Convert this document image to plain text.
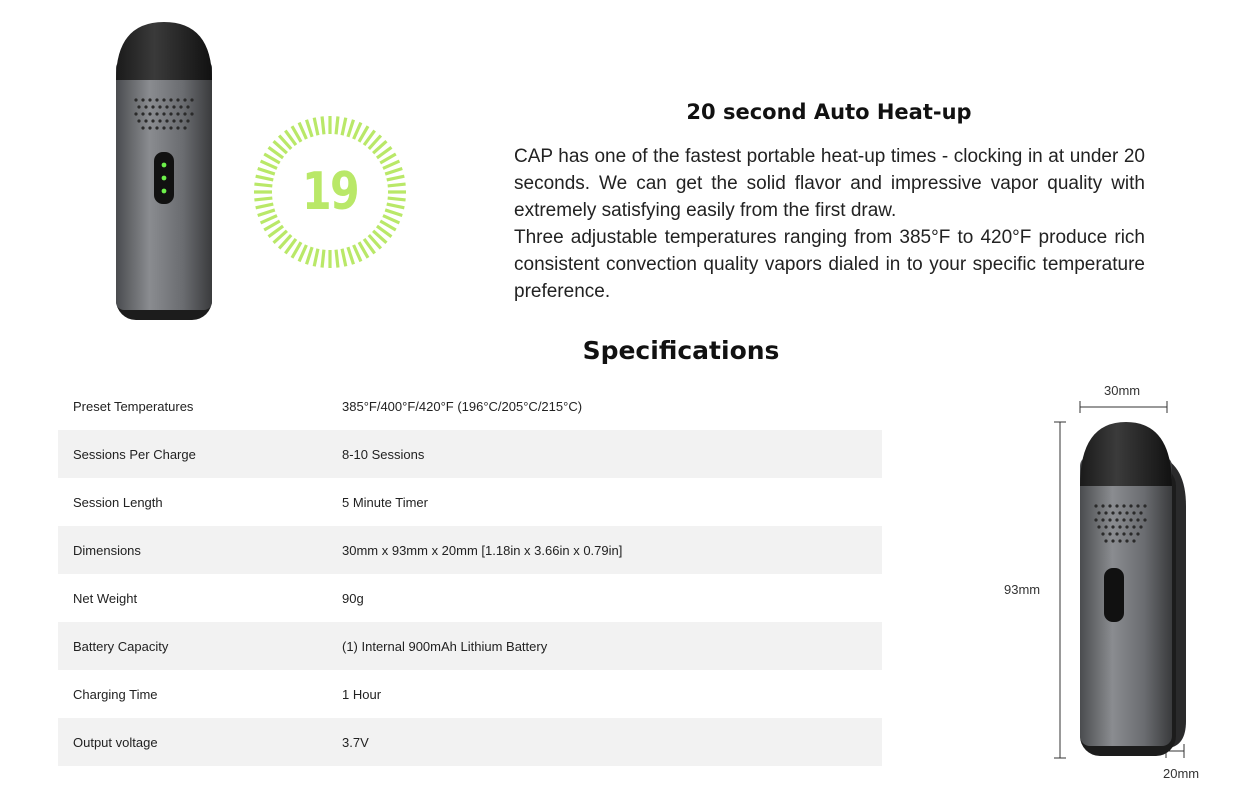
19
20 second Auto Heat-up

CAP has one of the fastest portable heat-up times - clocking in at under 20 seconds. We can get the solid flavor and impressive vapor quality with extremely satisfying easily from the first draw.

Three adjustable temperatures ranging from 385°F to 420°F produce rich consistent convection quality vapors dialed in to your specific temperature preference.

Specifications
Preset Temperatures	385°F/400°F/420°F (196°C/205°C/215°C)
Sessions Per Charge	8-10 Sessions
Session Length	5 Minute Timer
Dimensions	30mm x 93mm x 20mm [1.18in x 3.66in x 0.79in]
Net Weight	90g
Battery Capacity	(1) Internal 900mAh Lithium Battery
Charging Time	1 Hour
Output voltage	3.7V
30mm
93mm
20mm
